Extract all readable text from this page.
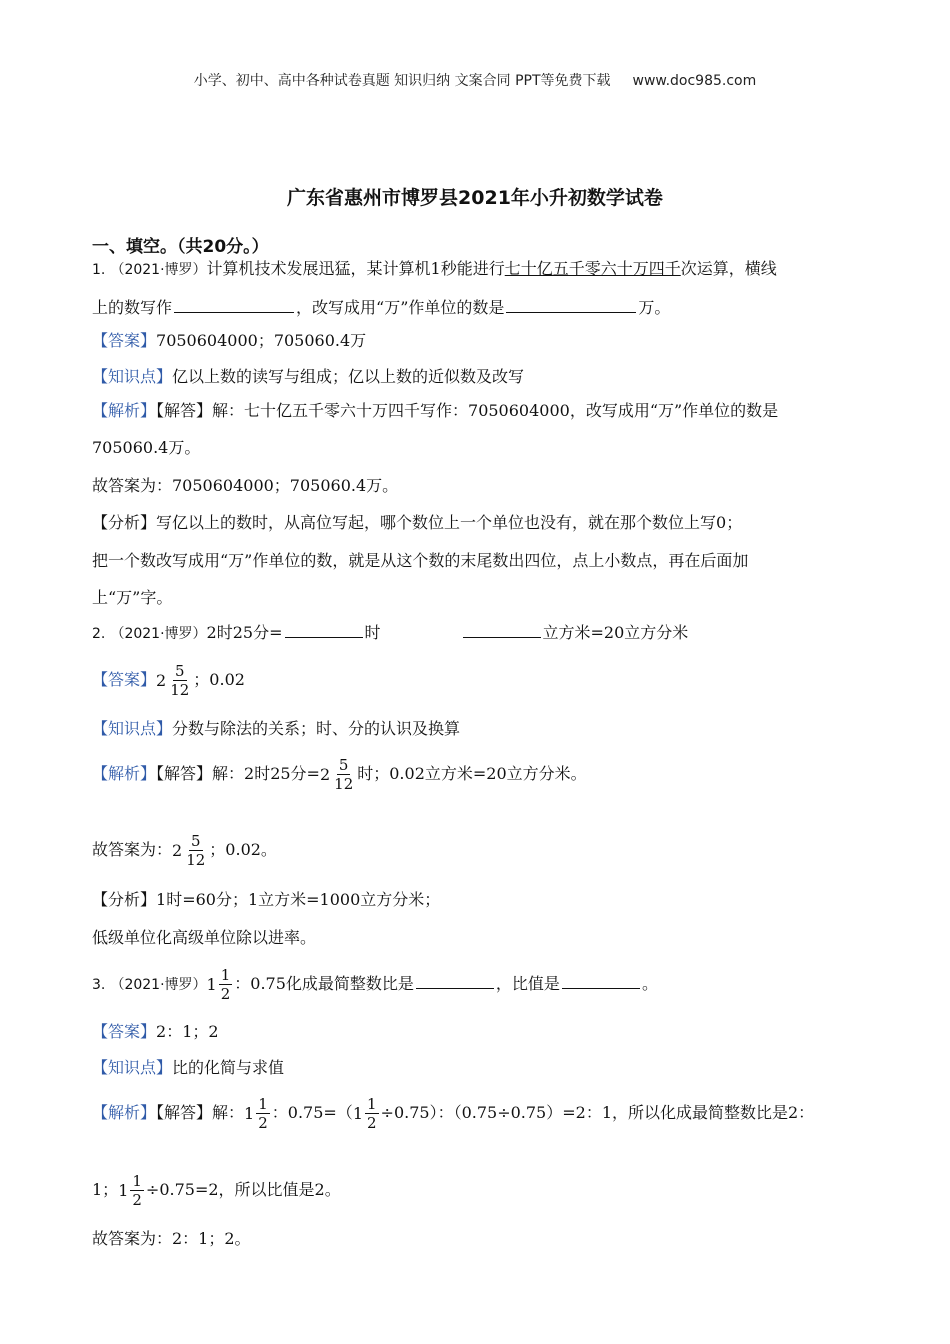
小学、初中、高中各种试卷真题 知识归纳 文案合同 PPT等免费下载 www.doc985.com
广东省惠州市博罗县2021年小升初数学试卷
一、填空。（共20分。）
1. （2021·博罗）计算机技术发展迅猛，某计算机1秒能进行七十亿五千零六十万四千次运算，横线
上的数写作	，改写成用“万”作单位的数是	万。
【答案】7050604000；705060.4万
【知识点】亿以上数的读写与组成；亿以上数的近似数及改写
【解析】【解答】解：七十亿五千零六十万四千写作：7050604000，改写成用“万”作单位的数是
705060.4万。
故答案为：7050604000；705060.4万。
【分析】写亿以上的数时，从高位写起，哪个数位上一个单位也没有，就在那个数位上写0；
把一个数改写成用“万”作单位的数，就是从这个数的末尾数出四位，点上小数点，再在后面加
上“万”字。
2. （2021·博罗）2时25分=	时	立方米=20立方分米
【答案】 $2 \frac{5}{12}$ ；0.02
【知识点】分数与除法的关系；时、分的认识及换算
【解析】【解答】解：2时25分= $2 \frac{5}{12}$ 时；0.02立方米=20立方分米。
故答案为： $2 \frac{5}{12}$ ；0.02。
【分析】1时=60分；1立方米=1000立方分米；
低级单位化高级单位除以进率。
3. （2021·博罗） $1 \frac{1}{2}$ ：0.75化成最简整数比是	，比值是	。
【答案】2：1；2
【知识点】比的化简与求值
【解析】【解答】解： $1 \frac{1}{2}$ ：0.75=（ $1 \frac{1}{2} \div 0.75$）：（0.75÷0.75）=2：1，所以化成最简整数比是2：
1； $1 \frac{1}{2} \div 0.75=2$，所以比值是2。
故答案为：2：1；2。
